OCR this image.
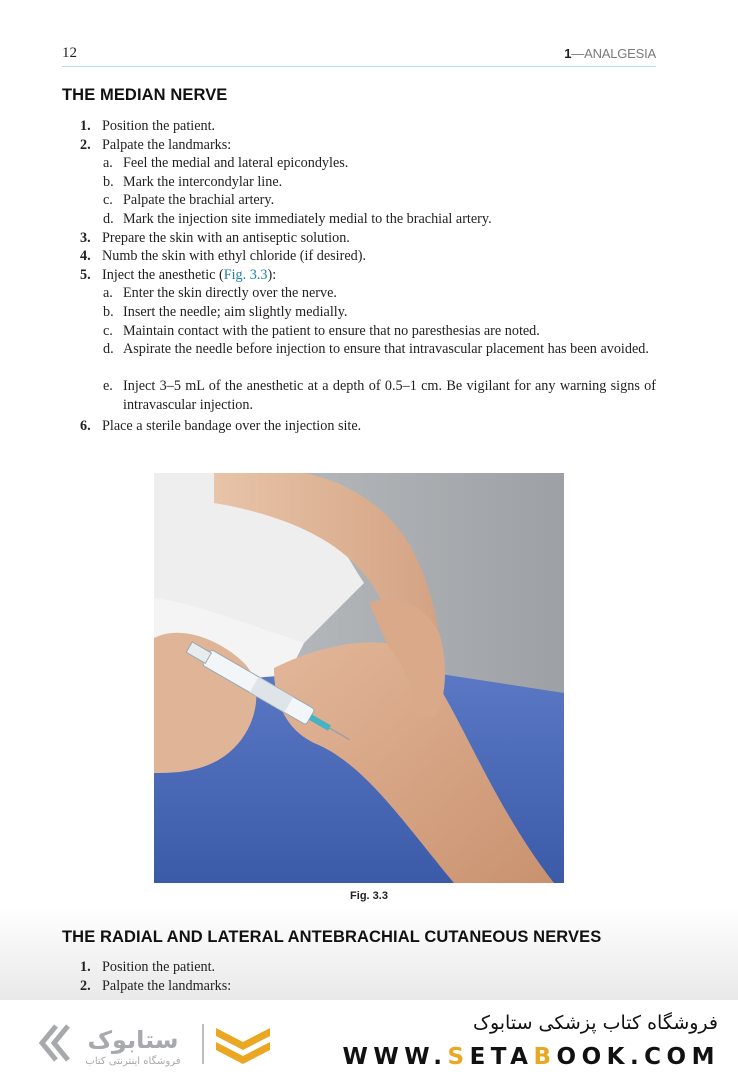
12	1—ANALGESIA
THE MEDIAN NERVE
1. Position the patient.
2. Palpate the landmarks:
a. Feel the medial and lateral epicondyles.
b. Mark the intercondylar line.
c. Palpate the brachial artery.
d. Mark the injection site immediately medial to the brachial artery.
3. Prepare the skin with an antiseptic solution.
4. Numb the skin with ethyl chloride (if desired).
5. Inject the anesthetic (Fig. 3.3):
a. Enter the skin directly over the nerve.
b. Insert the needle; aim slightly medially.
c. Maintain contact with the patient to ensure that no paresthesias are noted.
d. Aspirate the needle before injection to ensure that intravascular placement has been avoided.
e. Inject 3–5 mL of the anesthetic at a depth of 0.5–1 cm. Be vigilant for any warning signs of intravascular injection.
6. Place a sterile bandage over the injection site.
Fig. 3.3
THE RADIAL AND LATERAL ANTEBRACHIAL CUTANEOUS NERVES
1. Position the patient.
2. Palpate the landmarks:
ستابوک
فروشگاه اینترنتی کتاب
فروشگاه کتاب پزشکی ستابوک
WWW.SETABOOK.COM
